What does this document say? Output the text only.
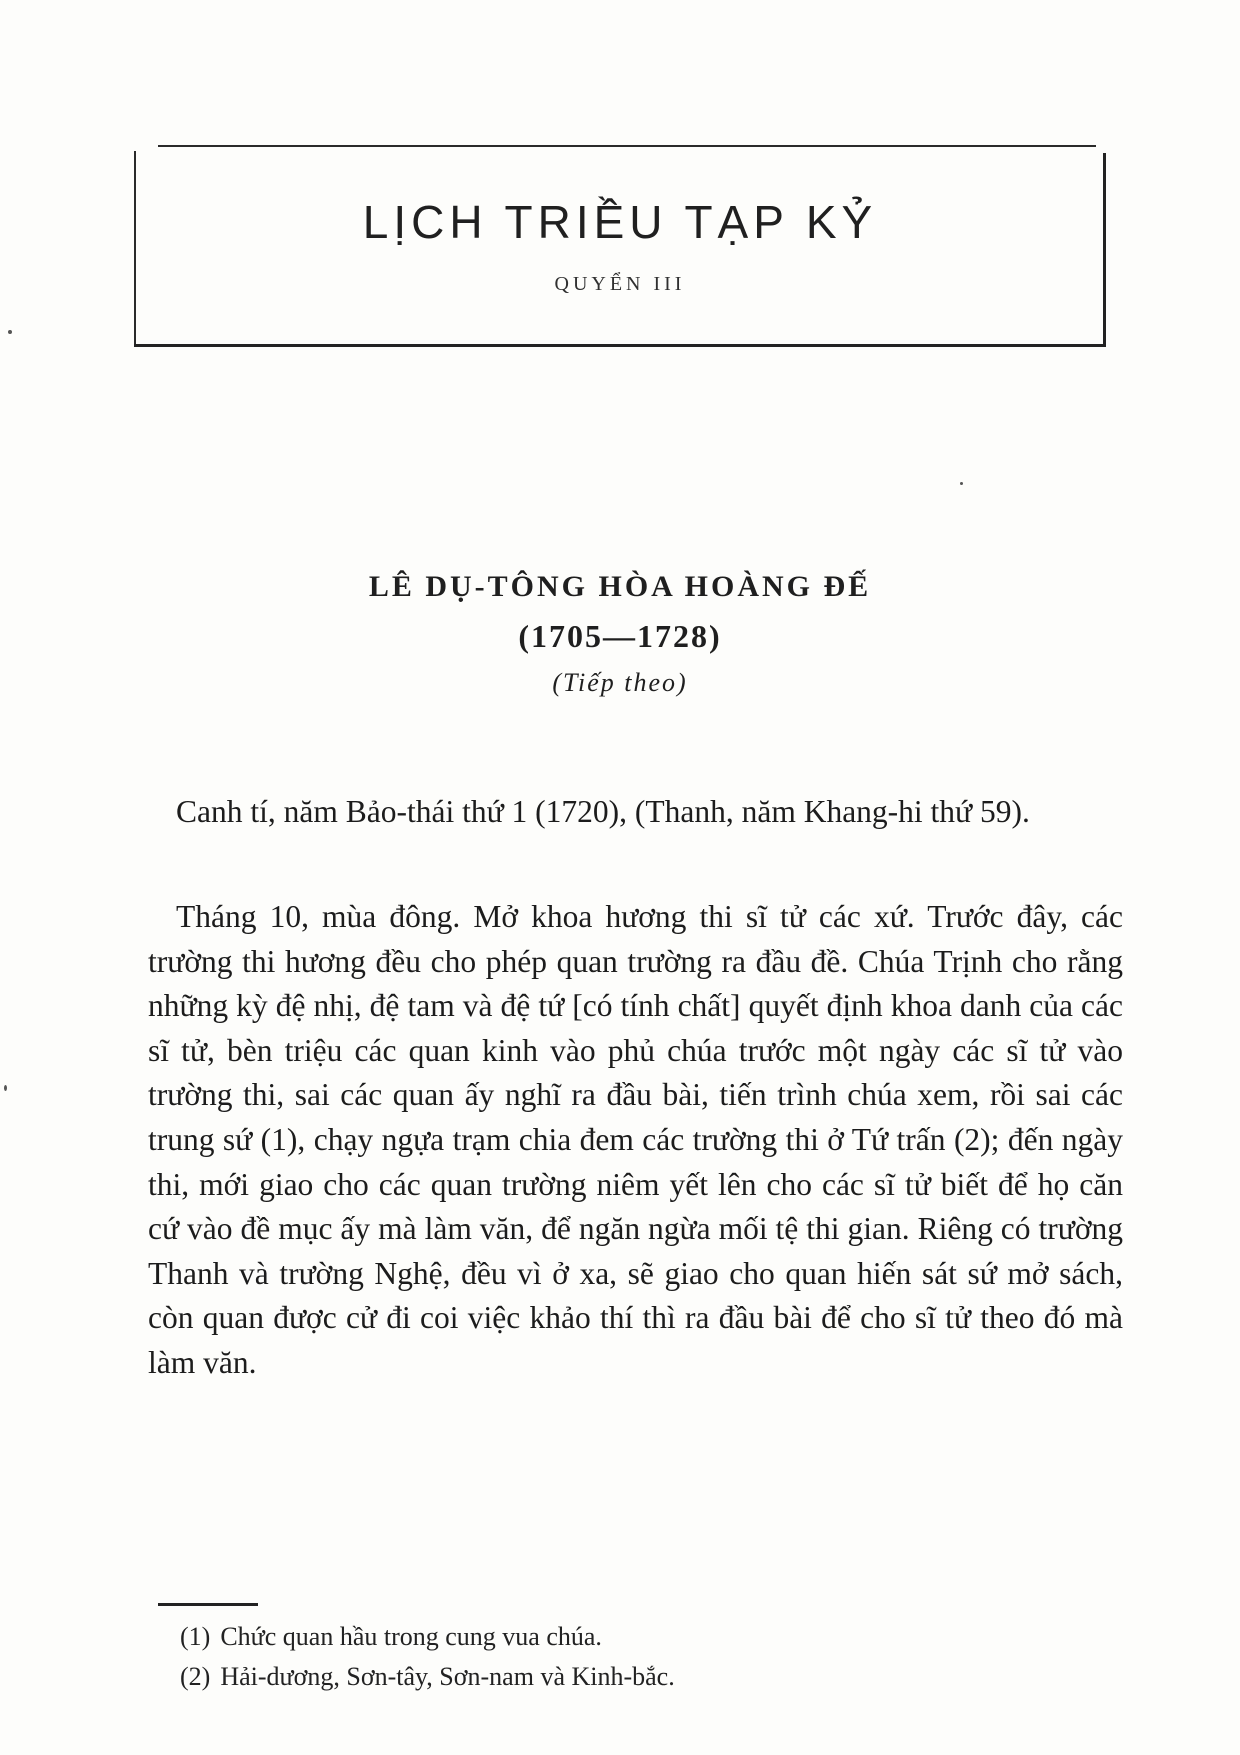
LỊCH TRIỀU TẠP KỶ
QUYỂN III
LÊ DỤ-TÔNG HÒA HOÀNG ĐẾ
(1705—1728)
(Tiếp theo)

Canh tí, năm Bảo-thái thứ 1 (1720), (Thanh, năm Khang-hi thứ 59).

Tháng 10, mùa đông. Mở khoa hương thi sĩ tử các xứ. Trước đây, các trường thi hương đều cho phép quan trường ra đầu đề. Chúa Trịnh cho rằng những kỳ đệ nhị, đệ tam và đệ tứ [có tính chất] quyết định khoa danh của các sĩ tử, bèn triệu các quan kinh vào phủ chúa trước một ngày các sĩ tử vào trường thi, sai các quan ấy nghĩ ra đầu bài, tiến trình chúa xem, rồi sai các trung sứ (1), chạy ngựa trạm chia đem các trường thi ở Tứ trấn (2); đến ngày thi, mới giao cho các quan trường niêm yết lên cho các sĩ tử biết để họ căn cứ vào đề mục ấy mà làm văn, để ngăn ngừa mối tệ thi gian. Riêng có trường Thanh và trường Nghệ, đều vì ở xa, sẽ giao cho quan hiến sát sứ mở sách, còn quan được cử đi coi việc khảo thí thì ra đầu bài để cho sĩ tử theo đó mà làm văn.

(1) Chức quan hầu trong cung vua chúa.
(2) Hải-dương, Sơn-tây, Sơn-nam và Kinh-bắc.
